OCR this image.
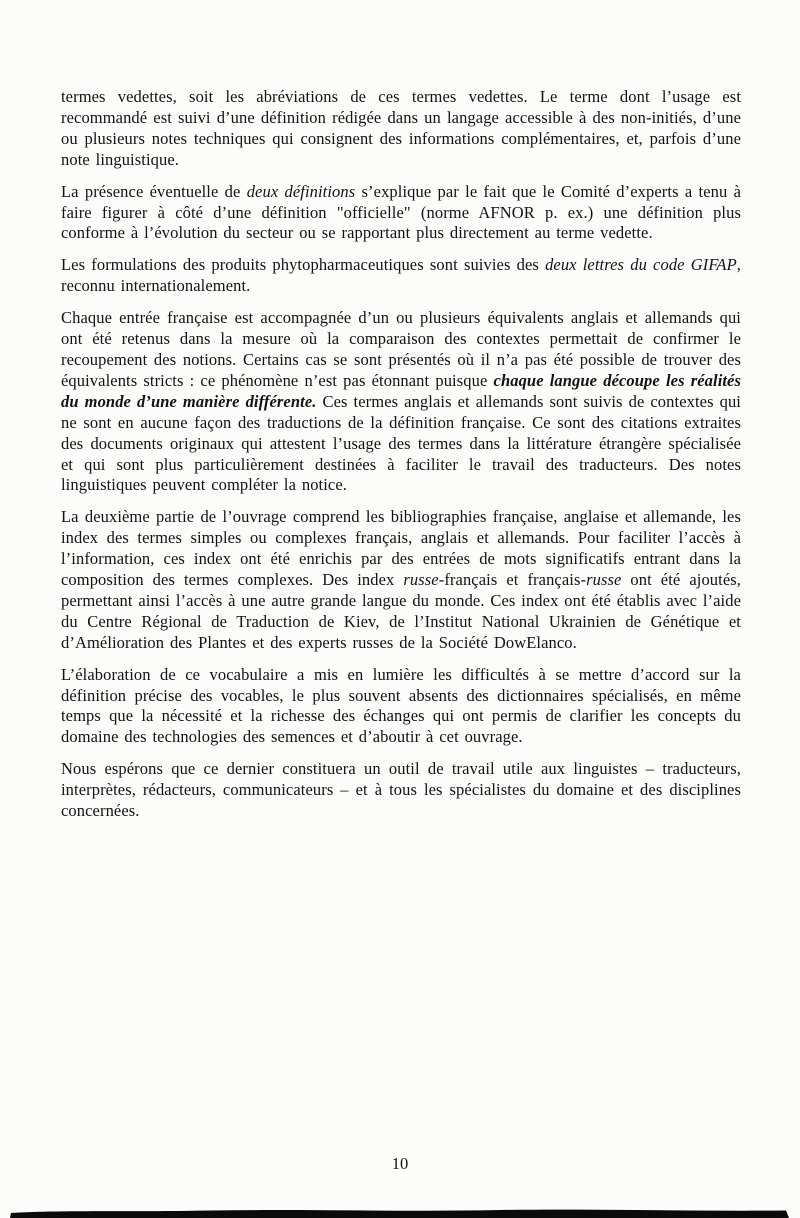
termes vedettes, soit les abréviations de ces termes vedettes. Le terme dont l’usage est recommandé est suivi d’une définition rédigée dans un langage accessible à des non-initiés, d’une ou plusieurs notes techniques qui consignent des informations complémentaires, et, parfois d’une note linguistique.

La présence éventuelle de deux définitions s’explique par le fait que le Comité d’experts a tenu à faire figurer à côté d’une définition "officielle" (norme AFNOR p. ex.) une définition plus conforme à l’évolution du secteur ou se rapportant plus directement au terme vedette.

Les formulations des produits phytopharmaceutiques sont suivies des deux lettres du code GIFAP, reconnu internationalement.

Chaque entrée française est accompagnée d’un ou plusieurs équivalents anglais et allemands qui ont été retenus dans la mesure où la comparaison des contextes permettait de confirmer le recoupement des notions. Certains cas se sont présentés où il n’a pas été possible de trouver des équivalents stricts : ce phénomène n’est pas étonnant puisque chaque langue découpe les réalités du monde d’une manière différente. Ces termes anglais et allemands sont suivis de contextes qui ne sont en aucune façon des traductions de la définition française. Ce sont des citations extraites des documents originaux qui attestent l’usage des termes dans la littérature étrangère spécialisée et qui sont plus particulièrement destinées à faciliter le travail des traducteurs. Des notes linguistiques peuvent compléter la notice.

La deuxième partie de l’ouvrage comprend les bibliographies française, anglaise et allemande, les index des termes simples ou complexes français, anglais et allemands. Pour faciliter l’accès à l’information, ces index ont été enrichis par des entrées de mots significatifs entrant dans la composition des termes complexes. Des index russe-français et français-russe ont été ajoutés, permettant ainsi l’accès à une autre grande langue du monde. Ces index ont été établis avec l’aide du Centre Régional de Traduction de Kiev, de l’Institut National Ukrainien de Génétique et d’Amélioration des Plantes et des experts russes de la Société DowElanco.

L’élaboration de ce vocabulaire a mis en lumière les difficultés à se mettre d’accord sur la définition précise des vocables, le plus souvent absents des dictionnaires spécialisés, en même temps que la nécessité et la richesse des échanges qui ont permis de clarifier les concepts du domaine des technologies des semences et d’aboutir à cet ouvrage.

Nous espérons que ce dernier constituera un outil de travail utile aux linguistes – traducteurs, interprètes, rédacteurs, communicateurs – et à tous les spécialistes du domaine et des disciplines concernées.

10
